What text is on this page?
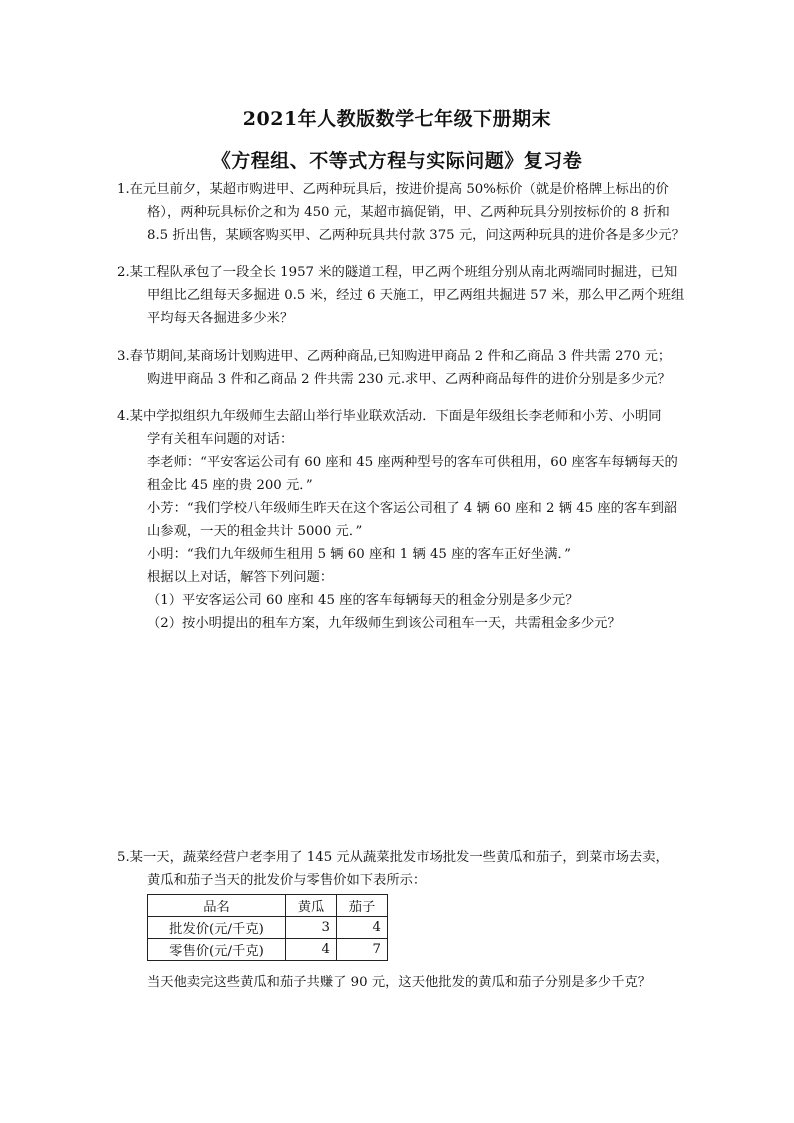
2021年人教版数学七年级下册期末
《方程组、不等式方程与实际问题》复习卷
1.在元旦前夕，某超市购进甲、乙两种玩具后，按进价提高 50%标价（就是价格牌上标出的价
格），两种玩具标价之和为 450 元，某超市搞促销，甲、乙两种玩具分别按标价的 8 折和
8.5 折出售，某顾客购买甲、乙两种玩具共付款 375 元，问这两种玩具的进价各是多少元？
2.某工程队承包了一段全长 1957 米的隧道工程，甲乙两个班组分别从南北两端同时掘进，已知
甲组比乙组每天多掘进 0.5 米，经过 6 天施工，甲乙两组共掘进 57 米，那么甲乙两个班组
平均每天各掘进多少米？
3.春节期间,某商场计划购进甲、乙两种商品,已知购进甲商品 2 件和乙商品 3 件共需 270 元；
购进甲商品 3 件和乙商品 2 件共需 230 元.求甲、乙两种商品每件的进价分别是多少元？
4.某中学拟组织九年级师生去韶山举行毕业联欢活动．下面是年级组长李老师和小芳、小明同
学有关租车问题的对话：
李老师：“平安客运公司有 60 座和 45 座两种型号的客车可供租用，60 座客车每辆每天的
租金比 45 座的贵 200 元．”
小芳：“我们学校八年级师生昨天在这个客运公司租了 4 辆 60 座和 2 辆 45 座的客车到韶
山参观，一天的租金共计 5000 元．”
小明：“我们九年级师生租用 5 辆 60 座和 1 辆 45 座的客车正好坐满．”
根据以上对话，解答下列问题：
（1）平安客运公司 60 座和 45 座的客车每辆每天的租金分别是多少元？
（2）按小明提出的租车方案，九年级师生到该公司租车一天，共需租金多少元？
5.某一天，蔬菜经营户老李用了 145 元从蔬菜批发市场批发一些黄瓜和茄子，到菜市场去卖，
黄瓜和茄子当天的批发价与零售价如下表所示：
品名	黄瓜	茄子
批发价(元/千克)	3	4
零售价(元/千克)	4	7
当天他卖完这些黄瓜和茄子共赚了 90 元，这天他批发的黄瓜和茄子分别是多少千克？
